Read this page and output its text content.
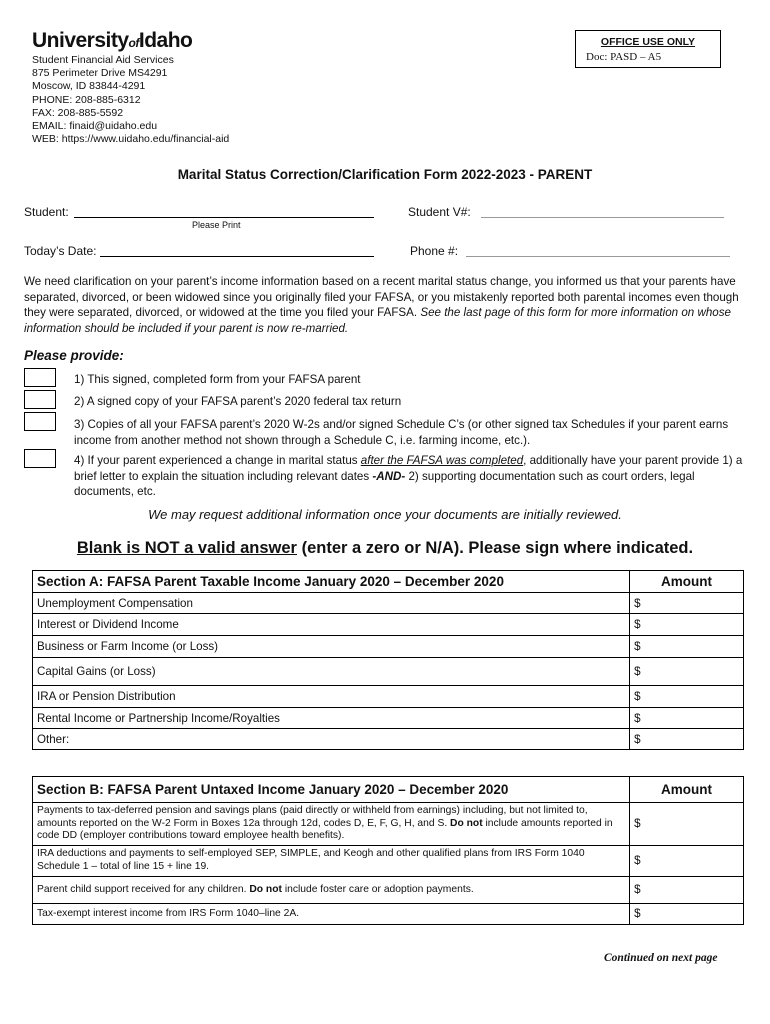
UniversityofIdaho
Student Financial Aid Services
875 Perimeter Drive MS4291
Moscow, ID 83844-4291
PHONE: 208-885-6312
FAX: 208-885-5592
EMAIL: finaid@uidaho.edu
WEB: https://www.uidaho.edu/financial-aid
OFFICE USE ONLY
Doc: PASD – A5
Marital Status Correction/Clarification Form 2022-2023 - PARENT
Student:
Please Print
Student V#:
Today’s Date:	Phone #:
We need clarification on your parent’s income information based on a recent marital status change, you informed us that your parents have separated, divorced, or been widowed since you originally filed your FAFSA, or you mistakenly reported both parental incomes even though they were separated, divorced, or widowed at the time you filed your FAFSA. See the last page of this form for more information on whose information should be included if your parent is now re-married.
Please provide:
1) This signed, completed form from your FAFSA parent
2) A signed copy of your FAFSA parent’s 2020 federal tax return
3) Copies of all your FAFSA parent’s 2020 W-2s and/or signed Schedule C’s (or other signed tax Schedules if your parent earns income from another method not shown through a Schedule C, i.e. farming income, etc.).
4) If your parent experienced a change in marital status after the FAFSA was completed, additionally have your parent provide 1) a brief letter to explain the situation including relevant dates -AND- 2) supporting documentation such as court orders, legal documents, etc.
We may request additional information once your documents are initially reviewed.
Blank is NOT a valid answer (enter a zero or N/A). Please sign where indicated.
Section A: FAFSA Parent Taxable Income January 2020 – December 2020	Amount
Unemployment Compensation	$
Interest or Dividend Income	$
Business or Farm Income (or Loss)	$
Capital Gains (or Loss)	$
IRA or Pension Distribution	$
Rental Income or Partnership Income/Royalties	$
Other:	$
Section B: FAFSA Parent Untaxed Income January 2020 – December 2020	Amount
Payments to tax-deferred pension and savings plans (paid directly or withheld from earnings) including, but not limited to, amounts reported on the W-2 Form in Boxes 12a through 12d, codes D, E, F, G, H, and S. Do not include amounts reported in code DD (employer contributions toward employee health benefits).	$
IRA deductions and payments to self-employed SEP, SIMPLE, and Keogh and other qualified plans from IRS Form 1040 Schedule 1 – total of line 15 + line 19.	$
Parent child support received for any children. Do not include foster care or adoption payments.	$
Tax-exempt interest income from IRS Form 1040–line 2A.	$
Continued on next page
